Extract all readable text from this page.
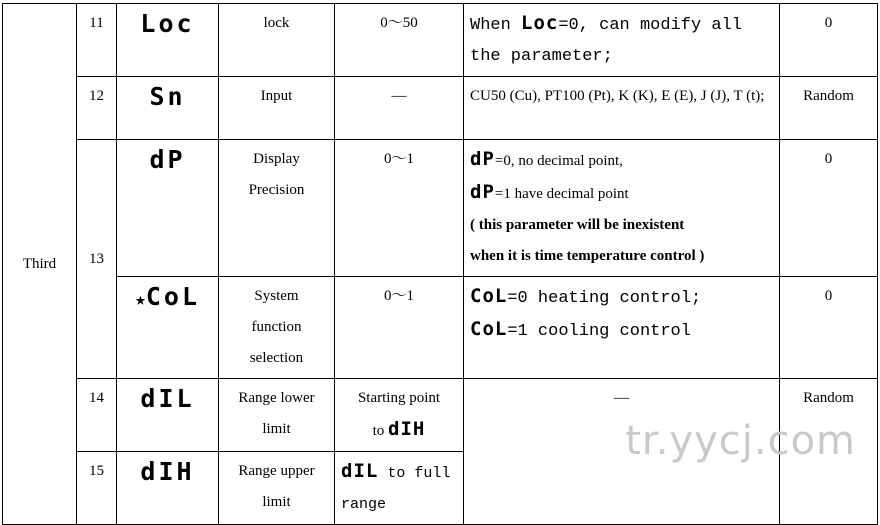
Third	11	Loc	lock	0～50	When Loc=0, can modify all the parameter;	0
	12	Sn	Input	—	CU50 (Cu), PT100 (Pt), K (K), E (E), J (J), T (t);	Random
	13	dP	Display
Precision	0～1	dP=0, no decimal point,
dP=1 have decimal point
( this parameter will be inexistent
when it is time temperature control )	0
		★CoL	System
function
selection	0～1	CoL=0 heating control;
CoL=1 cooling control	0
	14	dIL	Range lower
limit	Starting point
to dIH	—	Random
	15	dIH	Range upper
limit	dIL to full
range		
tr.yycj.com
